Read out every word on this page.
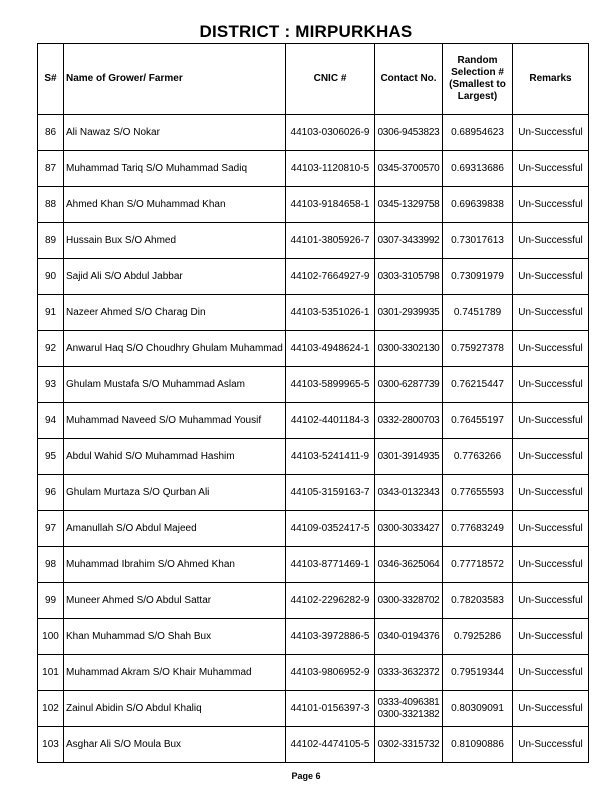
DISTRICT : MIRPURKHAS
S#	Name of Grower/ Farmer	CNIC #	Contact No.	Random Selection # (Smallest to Largest)	Remarks
86	Ali Nawaz S/O Nokar	44103-0306026-9	0306-9453823	0.68954623	Un-Successful
87	Muhammad Tariq S/O Muhammad Sadiq	44103-1120810-5	0345-3700570	0.69313686	Un-Successful
88	Ahmed Khan S/O Muhammad Khan	44103-9184658-1	0345-1329758	0.69639838	Un-Successful
89	Hussain Bux S/O Ahmed	44101-3805926-7	0307-3433992	0.73017613	Un-Successful
90	Sajid Ali S/O Abdul Jabbar	44102-7664927-9	0303-3105798	0.73091979	Un-Successful
91	Nazeer Ahmed S/O Charag Din	44103-5351026-1	0301-2939935	0.7451789	Un-Successful
92	Anwarul Haq S/O Choudhry Ghulam Muhammad	44103-4948624-1	0300-3302130	0.75927378	Un-Successful
93	Ghulam Mustafa S/O Muhammad Aslam	44103-5899965-5	0300-6287739	0.76215447	Un-Successful
94	Muhammad Naveed S/O Muhammad Yousif	44102-4401184-3	0332-2800703	0.76455197	Un-Successful
95	Abdul Wahid S/O Muhammad Hashim	44103-5241411-9	0301-3914935	0.7763266	Un-Successful
96	Ghulam Murtaza S/O Qurban Ali	44105-3159163-7	0343-0132343	0.77655593	Un-Successful
97	Amanullah S/O Abdul Majeed	44109-0352417-5	0300-3033427	0.77683249	Un-Successful
98	Muhammad Ibrahim S/O Ahmed Khan	44103-8771469-1	0346-3625064	0.77718572	Un-Successful
99	Muneer Ahmed S/O Abdul Sattar	44102-2296282-9	0300-3328702	0.78203583	Un-Successful
100	Khan Muhammad S/O Shah Bux	44103-3972886-5	0340-0194376	0.7925286	Un-Successful
101	Muhammad Akram S/O Khair Muhammad	44103-9806952-9	0333-3632372	0.79519344	Un-Successful
102	Zainul Abidin S/O Abdul Khaliq	44101-0156397-3	0333-4096381
0300-3321382	0.80309091	Un-Successful
103	Asghar Ali S/O Moula Bux	44102-4474105-5	0302-3315732	0.81090886	Un-Successful
Page 6
